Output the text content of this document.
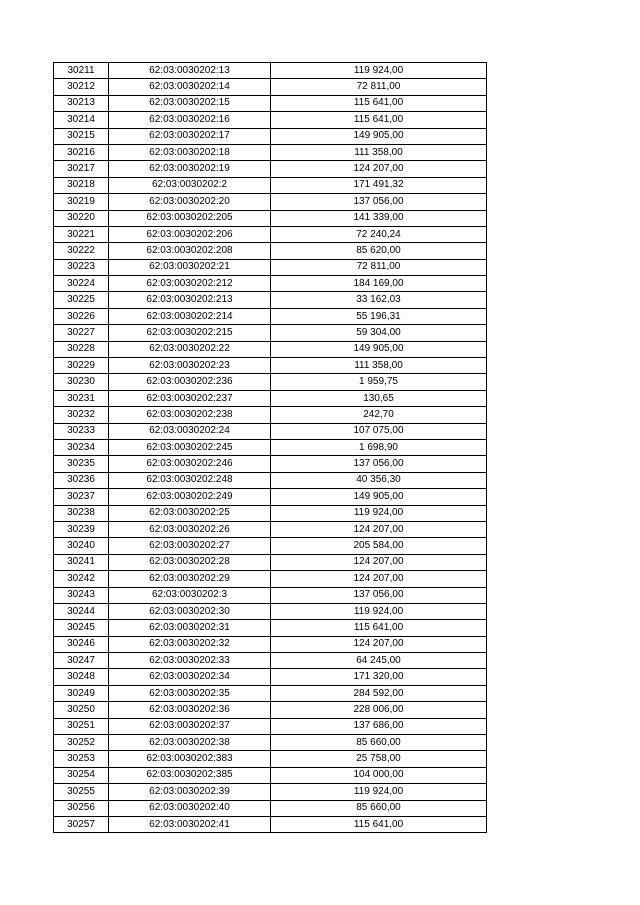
30211	62:03:0030202:13	119 924,00
30212	62:03:0030202:14	72 811,00
30213	62:03:0030202:15	115 641,00
30214	62:03:0030202:16	115 641,00
30215	62:03:0030202:17	149 905,00
30216	62:03:0030202:18	111 358,00
30217	62:03:0030202:19	124 207,00
30218	62:03:0030202:2	171 491,32
30219	62:03:0030202:20	137 056,00
30220	62:03:0030202:205	141 339,00
30221	62:03:0030202:206	72 240,24
30222	62:03:0030202:208	85 620,00
30223	62:03:0030202:21	72 811,00
30224	62:03:0030202:212	184 169,00
30225	62:03:0030202:213	33 162,03
30226	62:03:0030202:214	55 196,31
30227	62:03:0030202:215	59 304,00
30228	62:03:0030202:22	149 905,00
30229	62:03:0030202:23	111 358,00
30230	62:03:0030202:236	1 959,75
30231	62:03:0030202:237	130,65
30232	62:03:0030202:238	242,70
30233	62:03:0030202:24	107 075,00
30234	62:03:0030202:245	1 698,90
30235	62:03:0030202:246	137 056,00
30236	62:03:0030202:248	40 356,30
30237	62:03:0030202:249	149 905,00
30238	62:03:0030202:25	119 924,00
30239	62:03:0030202:26	124 207,00
30240	62:03:0030202:27	205 584,00
30241	62:03:0030202:28	124 207,00
30242	62:03:0030202:29	124 207,00
30243	62:03:0030202:3	137 056,00
30244	62:03:0030202:30	119 924,00
30245	62:03:0030202:31	115 641,00
30246	62:03:0030202:32	124 207,00
30247	62:03:0030202:33	64 245,00
30248	62:03:0030202:34	171 320,00
30249	62:03:0030202:35	284 592,00
30250	62:03:0030202:36	228 006,00
30251	62:03:0030202:37	137 686,00
30252	62:03:0030202:38	85 660,00
30253	62:03:0030202:383	25 758,00
30254	62:03:0030202:385	104 000,00
30255	62:03:0030202:39	119 924,00
30256	62:03:0030202:40	85 660,00
30257	62:03:0030202:41	115 641,00
